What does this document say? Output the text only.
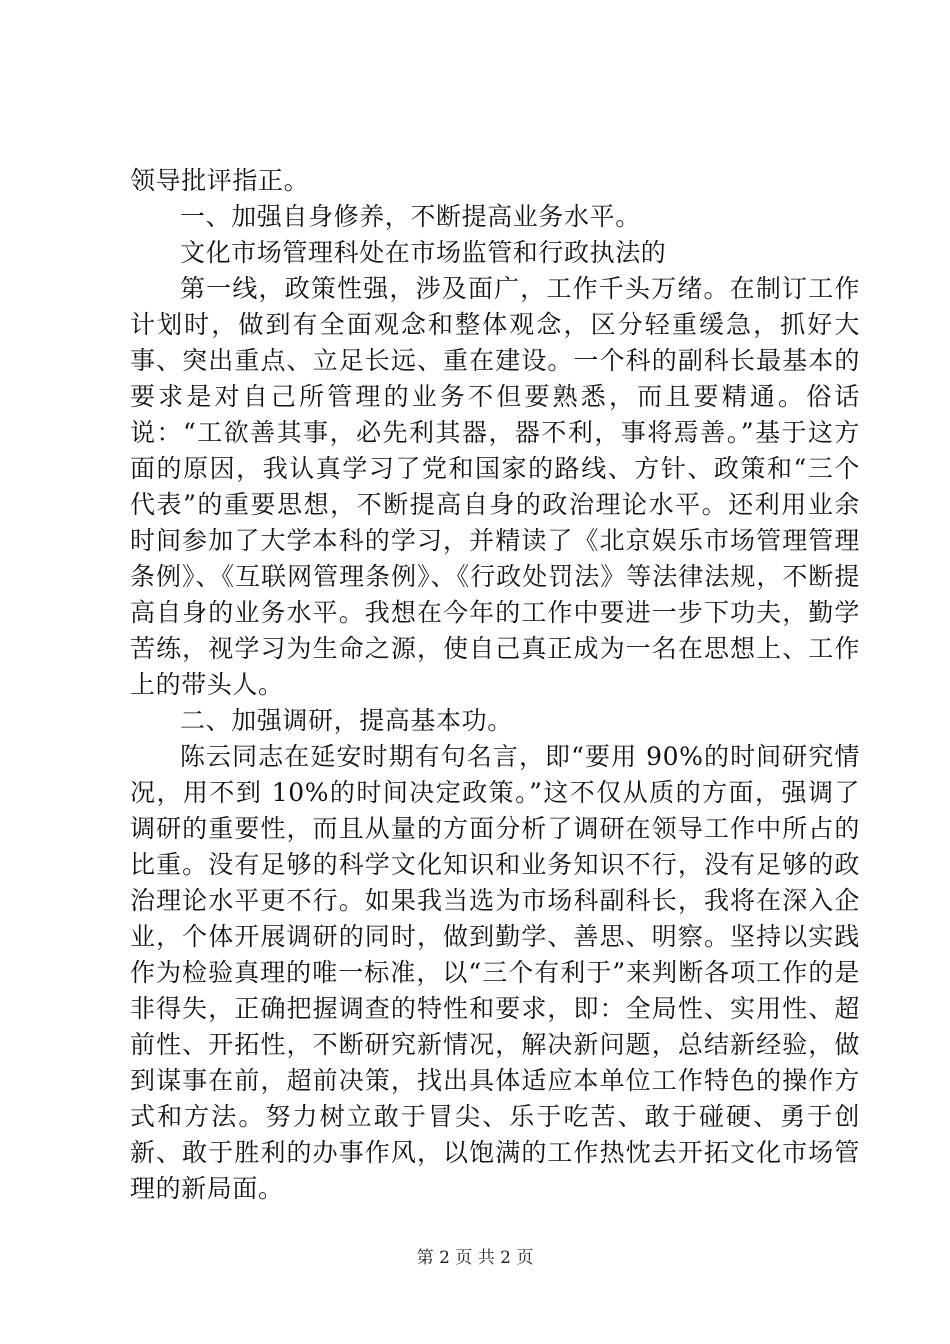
领导批评指正。

一、加强自身修养，不断提高业务水平。

文化市场管理科处在市场监管和行政执法的

第一线，政策性强，涉及面广，工作千头万绪。在制订工作计划时，做到有全面观念和整体观念，区分轻重缓急，抓好大事、突出重点、立足长远、重在建设。一个科的副科长最基本的要求是对自己所管理的业务不但要熟悉，而且要精通。俗话说：“工欲善其事，必先利其器，器不利，事将焉善。”基于这方面的原因，我认真学习了党和国家的路线、方针、政策和“三个代表”的重要思想，不断提高自身的政治理论水平。还利用业余时间参加了大学本科的学习，并精读了《北京娱乐市场管理管理条例》、《互联网管理条例》、《行政处罚法》等法律法规，不断提高自身的业务水平。我想在今年的工作中要进一步下功夫，勤学苦练，视学习为生命之源，使自己真正成为一名在思想上、工作上的带头人。

二、加强调研，提高基本功。

陈云同志在延安时期有句名言，即“要用 90%的时间研究情况，用不到 10%的时间决定政策。”这不仅从质的方面，强调了调研的重要性，而且从量的方面分析了调研在领导工作中所占的比重。没有足够的科学文化知识和业务知识不行，没有足够的政治理论水平更不行。如果我当选为市场科副科长，我将在深入企业，个体开展调研的同时，做到勤学、善思、明察。坚持以实践作为检验真理的唯一标准，以“三个有利于”来判断各项工作的是非得失，正确把握调查的特性和要求，即：全局性、实用性、超前性、开拓性，不断研究新情况，解决新问题，总结新经验，做到谋事在前，超前决策，找出具体适应本单位工作特色的操作方式和方法。努力树立敢于冒尖、乐于吃苦、敢于碰硬、勇于创新、敢于胜利的办事作风，以饱满的工作热忱去开拓文化市场管理的新局面。

第 2 页 共 2 页
